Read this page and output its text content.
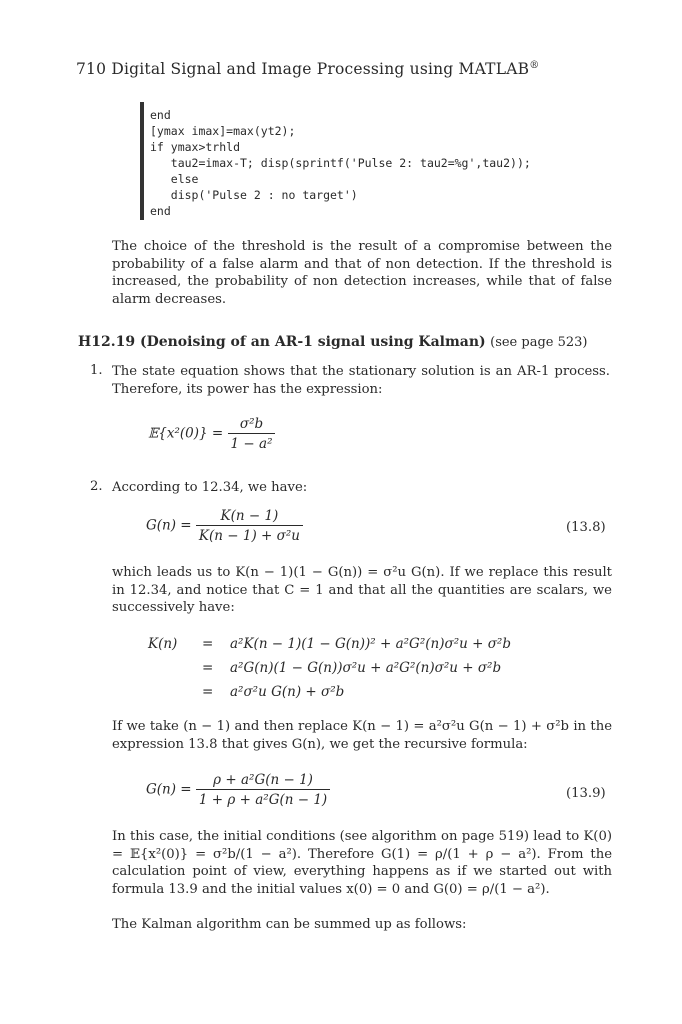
710 Digital Signal and Image Processing using MATLAB®
end
[ymax imax]=max(yt2);
if ymax>trhld
tau2=imax-T; disp(sprintf('Pulse 2: tau2=%g',tau2));
else
disp('Pulse 2 : no target')
end
The choice of the threshold is the result of a compromise between the probability of a false alarm and that of non detection. If the threshold is increased, the probability of non detection increases, while that of false alarm decreases.
H12.19 (Denoising of an AR-1 signal using Kalman) (see page 523)
1. The state equation shows that the stationary solution is an AR-1 process. Therefore, its power has the expression:
𝔼{x²(0)} = $\frac{\text{σ²b}}{\text{1 − a²}}$
2. According to 12.34, we have:
$G(n) = \frac{K(n - 1)}{\text{K(n − 1) + σ²u}}$	(13.8)
which leads us to K(n − 1)(1 − G(n)) = σ²u G(n). If we replace this result in 12.34, and notice that C = 1 and that all the quantities are scalars, we successively have:
K(n) = a²K(n − 1)(1 − G(n))² + a²G²(n)σ²u + σ²b
= a²G(n)(1 − G(n))σ²u + a²G²(n)σ²u + σ²b
= a²σ²u G(n) + σ²b
If we take (n − 1) and then replace K(n − 1) = a²σ²u G(n − 1) + σ²b in the expression 13.8 that gives G(n), we get the recursive formula:
$G(n) = \frac{\text{ρ + a²G(n − 1)}}{\text{1 + ρ + a²G(n − 1)}}$	(13.9)
In this case, the initial conditions (see algorithm on page 519) lead to K(0) = 𝔼{x²(0)} = σ²b/(1 − a²). Therefore G(1) = ρ/(1 + ρ − a²). From the calculation point of view, everything happens as if we started out with formula 13.9 and the initial values x(0) = 0 and G(0) = ρ/(1 − a²).
The Kalman algorithm can be summed up as follows:
